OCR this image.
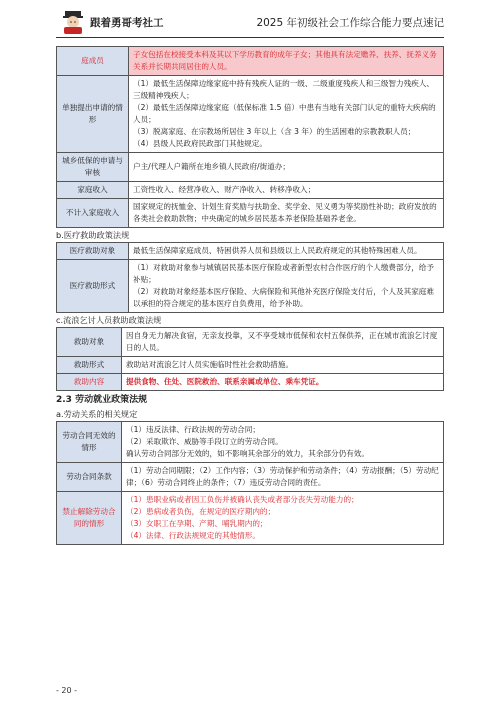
跟着勇哥考社工	2025 年初级社会工作综合能力要点速记
庭成员	子女包括在校接受本科及其以下学历教育的成年子女；其他具有法定赡养、扶养、抚养义务关系并长期共同居住的人员。
单独提出申请的情形	（1）最低生活保障边缘家庭中持有残疾人证的一级、二级重度残疾人和三级智力残疾人、三级精神残疾人；
（2）最低生活保障边缘家庭（低保标准 1.5 倍）中患有当地有关部门认定的重特大疾病的人员；
（3）脱离家庭、在宗教场所居住 3 年以上（含 3 年）的生活困难的宗教教职人员；
（4）县级人民政府民政部门其他规定。

城乡低保的申请与审核	户主/代理人户籍所在地乡镇人民政府/街道办；
家庭收入	工资性收入、经营净收入、财产净收入、转移净收入；
不计入家庭收入	国家规定的抚恤金、计划生育奖励与扶助金、奖学金、见义勇为等奖励性补助；政府发放的各类社会救助款物；中央确定的城乡居民基本养老保险基础养老金。
b.医疗救助政策法规
医疗救助对象	最低生活保障家庭成员、特困供养人员和县级以上人民政府规定的其他特殊困难人员。
医疗救助形式	（1）对救助对象参与城镇居民基本医疗保险或者新型农村合作医疗的个人缴费部分，给予补贴；
（2）对救助对象经基本医疗保险、大病保险和其他补充医疗保险支付后，个人及其家庭难以承担的符合规定的基本医疗自负费用，给予补助。
c.流浪乞讨人员救助政策法规
救助对象	因自身无力解决食宿，无亲友投靠，又不享受城市低保和农村五保供养，正在城市流浪乞讨度日的人员。
救助形式	救助站对流浪乞讨人员实施临时性社会救助措施。
救助内容	提供食物、住处、医院救治、联系亲属或单位、乘车凭证。
2.3 劳动就业政策法规
a.劳动关系的相关规定
劳动合同无效的情形	（1）违反法律、行政法规的劳动合同；
（2）采取欺诈、威胁等手段订立的劳动合同。
确认劳动合同部分无效的，如不影响其余部分的效力，其余部分仍有效。

劳动合同条款	（1）劳动合同期限；（2）工作内容；（3）劳动保护和劳动条件；（4）劳动报酬；（5）劳动纪律；（6）劳动合同终止的条件；（7）违反劳动合同的责任。
禁止解除劳动合同的情形	（1）患职业病或者因工负伤并被确认丧失或者部分丧失劳动能力的；
（2）患病或者负伤，在规定的医疗期内的；
（3）女职工在孕期、产期、哺乳期内的；
（4）法律、行政法规规定的其他情形。
- 20 -
